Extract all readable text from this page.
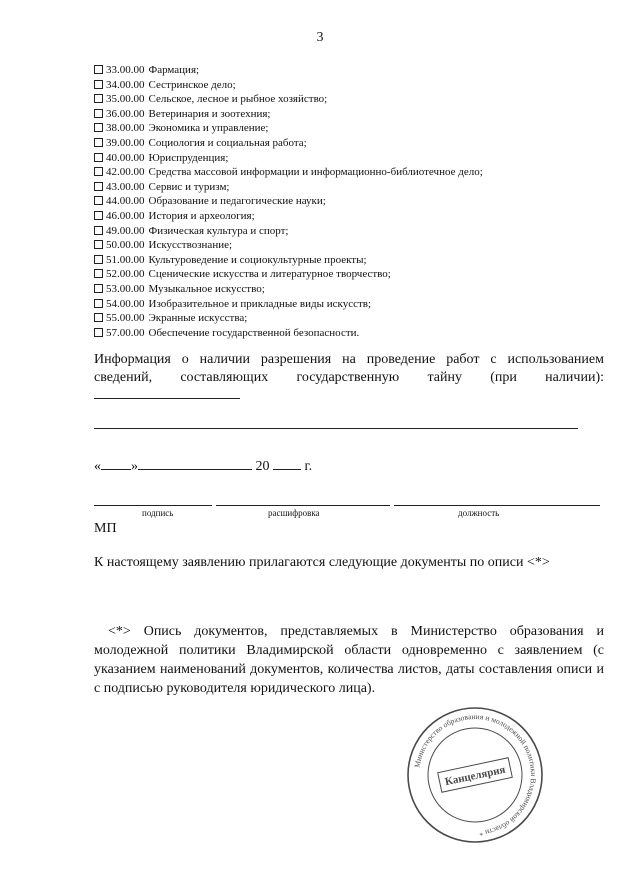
3
33.00.00 Фармация;
34.00.00 Сестринское дело;
35.00.00 Сельское, лесное и рыбное хозяйство;
36.00.00 Ветеринария и зоотехния;
38.00.00 Экономика и управление;
39.00.00 Социология и социальная работа;
40.00.00 Юриспруденция;
42.00.00 Средства массовой информации и информационно-библиотечное дело;
43.00.00 Сервис и туризм;
44.00.00 Образование и педагогические науки;
46.00.00 История и археология;
49.00.00 Физическая культура и спорт;
50.00.00 Искусствознание;
51.00.00 Культуроведение и социокультурные проекты;
52.00.00 Сценические искусства и литературное творчество;
53.00.00 Музыкальное искусство;
54.00.00 Изобразительное и прикладные виды искусств;
55.00.00 Экранные искусства;
57.00.00 Обеспечение государственной безопасности.
Информация о наличии разрешения на проведение работ с использованием сведений, составляющих государственную тайну (при наличии):
« »	20	г.
подпись	расшифровка	должность
МП
К настоящему заявлению прилагаются следующие документы по описи <*>
<*> Опись документов, представляемых в Министерство образования и молодежной политики Владимирской области одновременно с заявлением (с указанием наименований документов, количества листов, даты составления описи и с подписью руководителя юридического лица).
Министерство образования и молодежной политики Владимирской области *
Канцелярия
